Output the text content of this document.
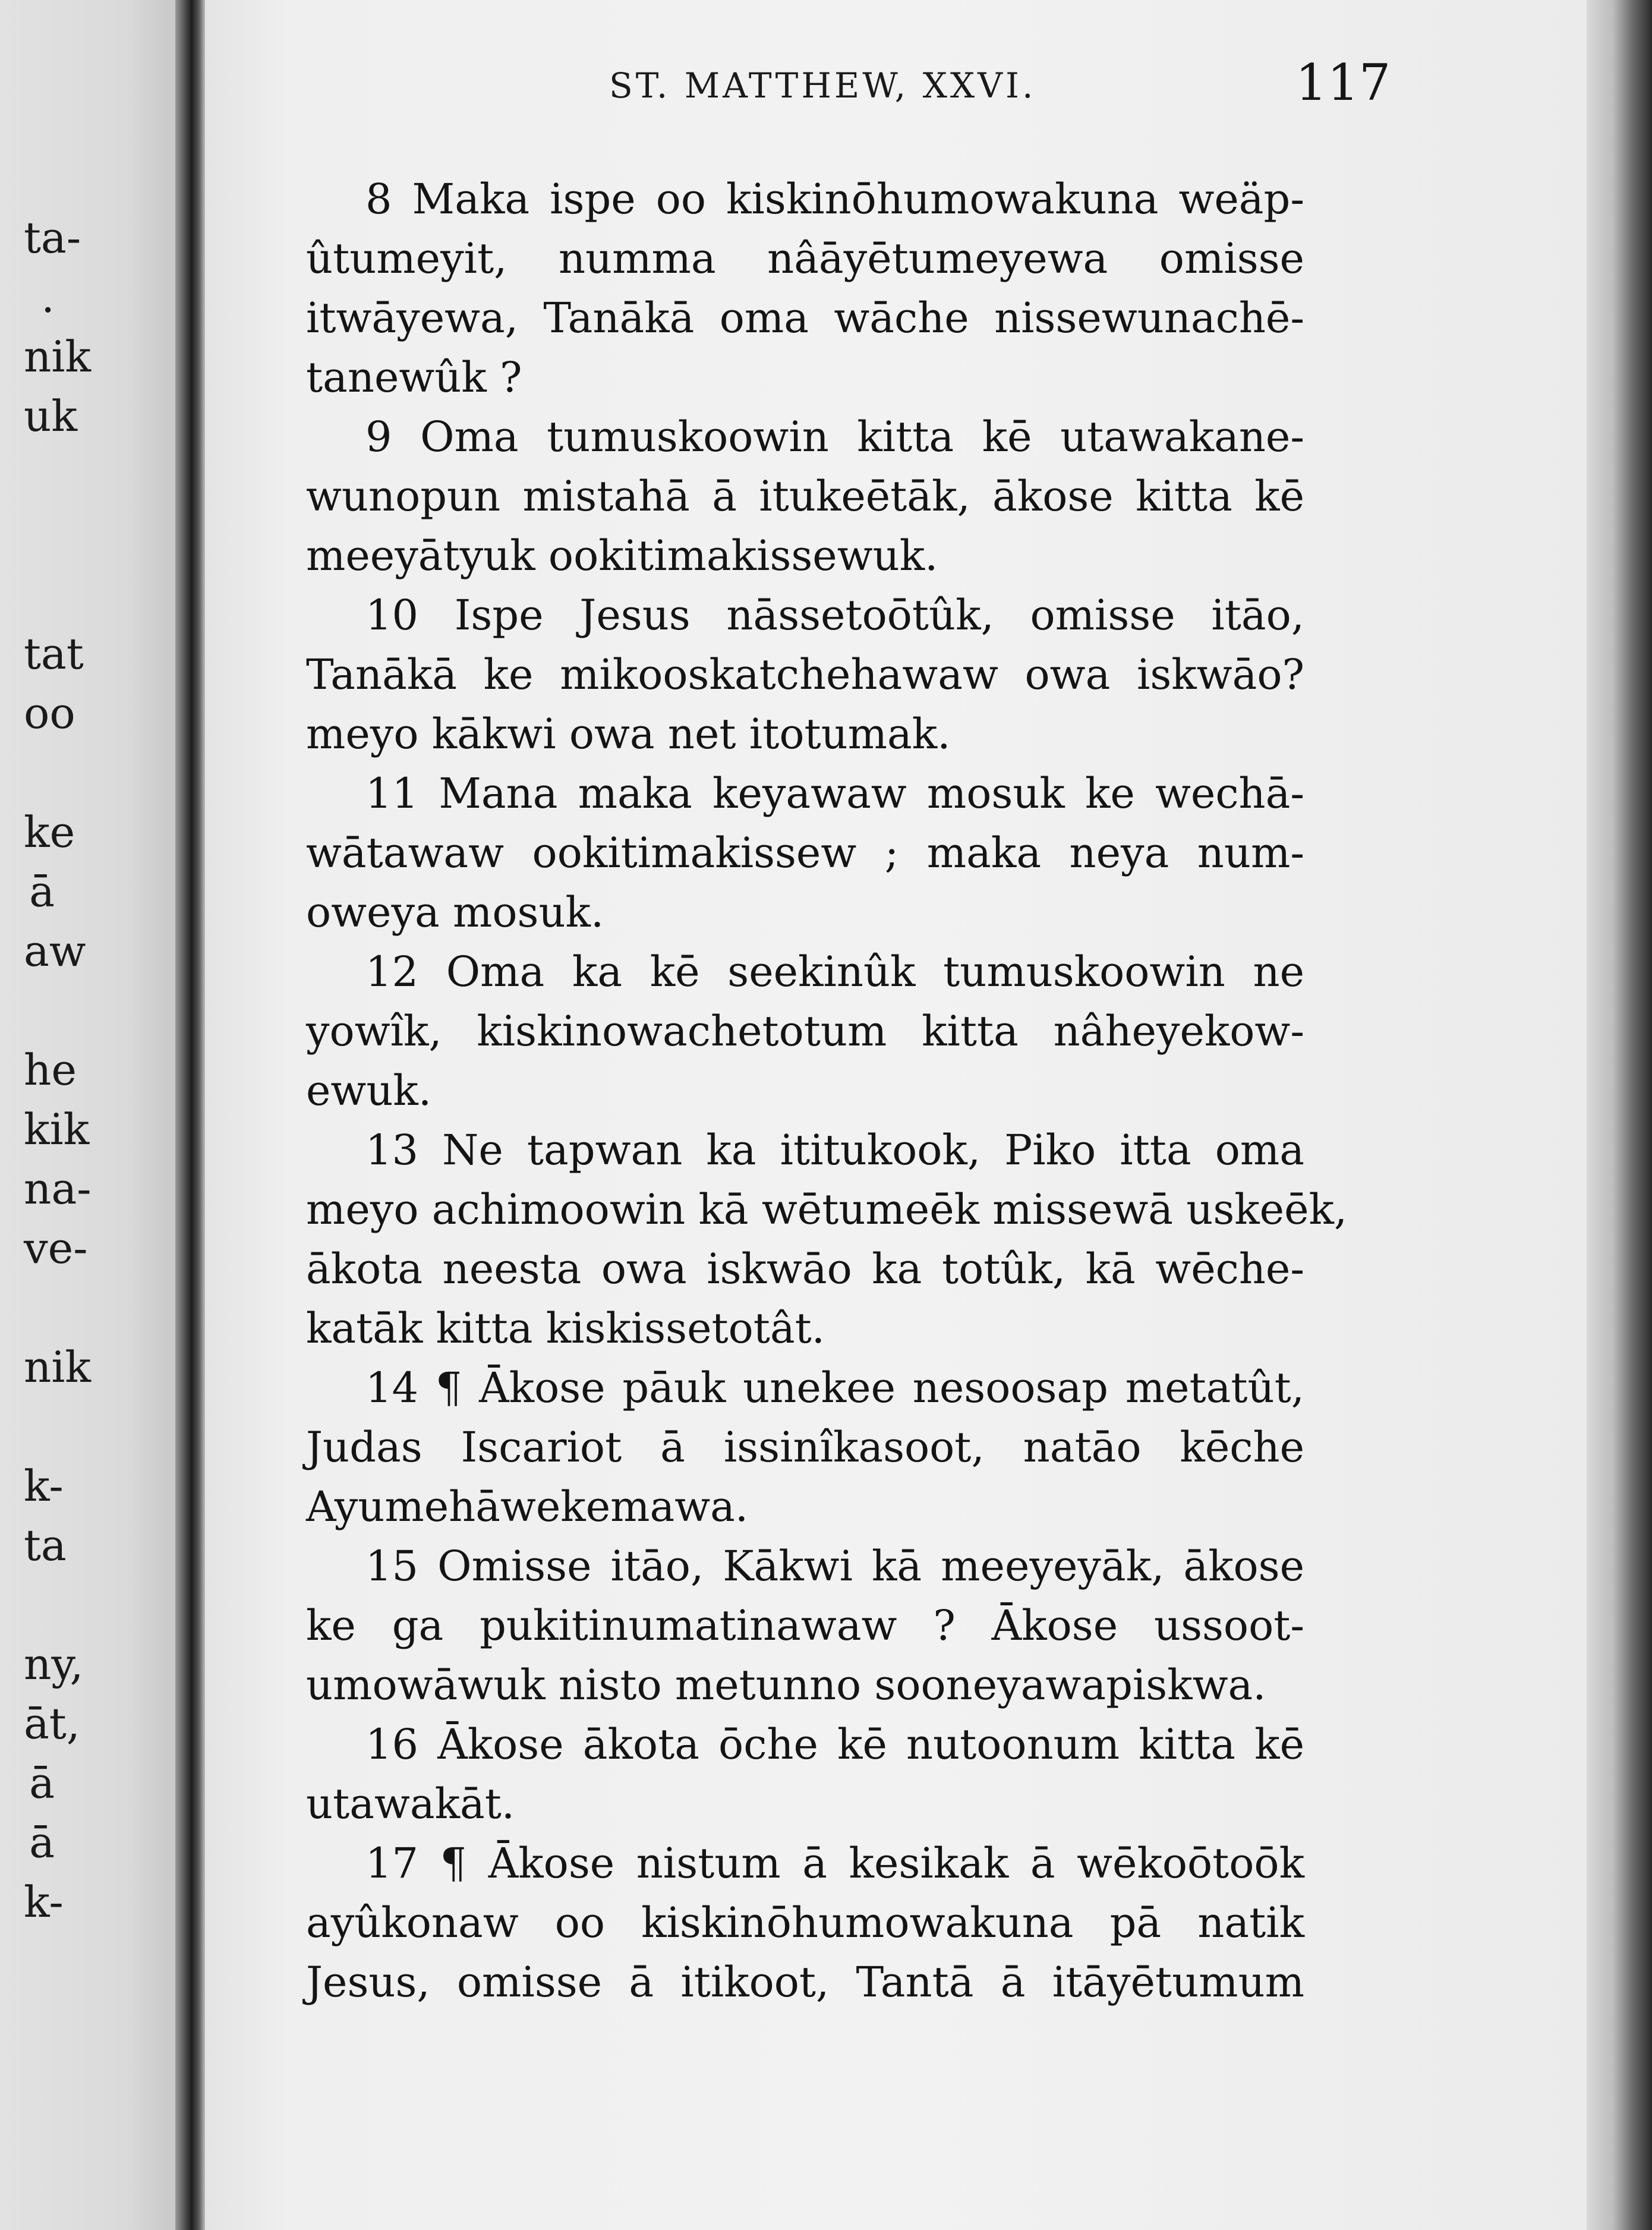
ta-
.
nik
uk
tat
oo
ke
ā
aw
he
kik
na-
ve-
nik
k-
ta
ny,
āt,
ā
ā
k-
ST. MATTHEW, XXVI.	117
8 Maka ispe oo kiskinōhumowakuna weäp-
ûtumeyit, numma nâāyētumeyewa omisse
itwāyewa, Tanākā oma wāche nissewunachē-
tanewûk ?
9 Oma tumuskoowin kitta kē utawakane-
wunopun mistahā ā itukeētāk, ākose kitta kē
meeyātyuk ookitimakissewuk.
10 Ispe Jesus nāssetoōtûk, omisse itāo,
Tanākā ke mikooskatchehawaw owa iskwāo?
meyo kākwi owa net itotumak.
11 Mana maka keyawaw mosuk ke wechā-
wātawaw ookitimakissew ; maka neya num-
oweya mosuk.
12 Oma ka kē seekinûk tumuskoowin ne
yowîk, kiskinowachetotum kitta nâheyekow-
ewuk.
13 Ne tapwan ka ititukook, Piko itta oma
meyo achimoowin kā wētumeēk missewā uskeēk,
ākota neesta owa iskwāo ka totûk, kā wēche-
katāk kitta kiskissetotât.
14 ¶ Ākose pāuk unekee nesoosap metatût,
Judas Iscariot ā issinîkasoot, natāo kēche
Ayumehāwekemawa.
15 Omisse itāo, Kākwi kā meeyeyāk, ākose
ke ga pukitinumatinawaw ? Ākose ussoot-
umowāwuk nisto metunno sooneyawapiskwa.
16 Ākose ākota ōche kē nutoonum kitta kē
utawakāt.
17 ¶ Ākose nistum ā kesikak ā wēkoōtoōk
ayûkonaw oo kiskinōhumowakuna pā natik
Jesus, omisse ā itikoot, Tantā ā itāyētumum
